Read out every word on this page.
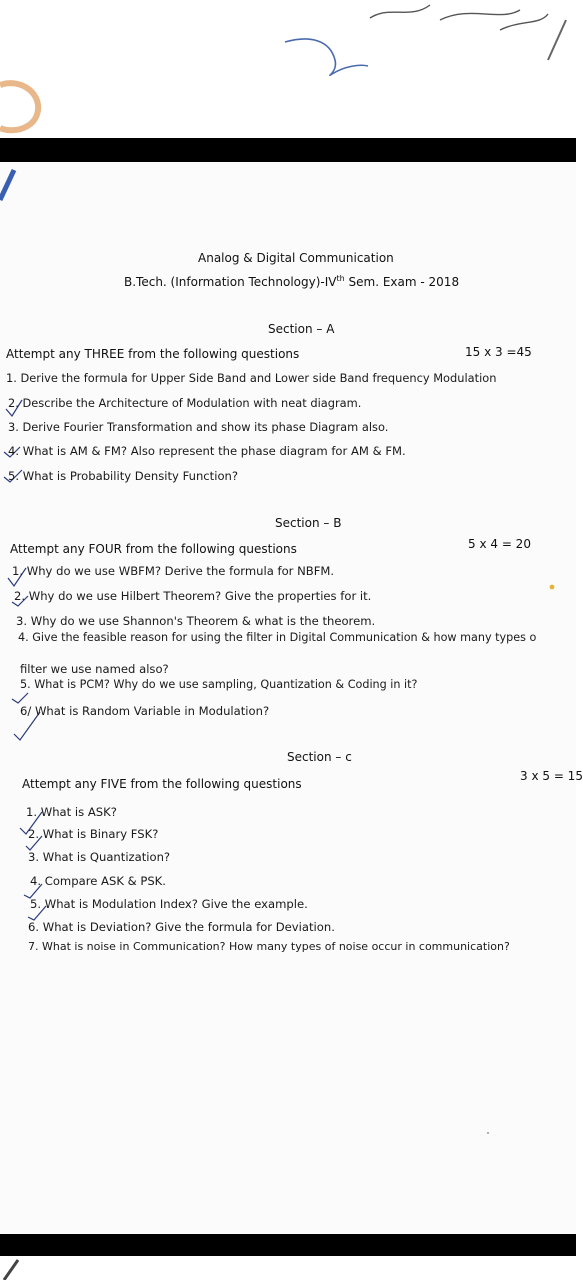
Analog & Digital Communication
B.Tech. (Information Technology)-IVth Sem. Exam - 2018
Section – A
Attempt any THREE from the following questions	15 x 3 =45
1. Derive the formula for Upper Side Band and Lower side Band frequency Modulation
2. Describe the Architecture of Modulation with neat diagram.
3. Derive Fourier Transformation and show its phase Diagram also.
4. What is AM & FM? Also represent the phase diagram for AM & FM.
5. What is Probability Density Function?
Section – B
Attempt any FOUR from the following questions	5 x 4 = 20
1. Why do we use WBFM? Derive the formula for NBFM.
2. Why do we use Hilbert Theorem? Give the properties for it.
3. Why do we use Shannon's Theorem & what is the theorem.
4. Give the feasible reason for using the filter in Digital Communication & how many types o
filter we use named also?
5. What is PCM? Why do we use sampling, Quantization & Coding in it?
6/ What is Random Variable in Modulation?
Section – c
Attempt any FIVE from the following questions
3 x 5 = 15
1. What is ASK?
2. What is Binary FSK?
3. What is Quantization?
4. Compare ASK & PSK.
5. What is Modulation Index? Give the example.
6. What is Deviation? Give the formula for Deviation.
7. What is noise in Communication? How many types of noise occur in communication?
